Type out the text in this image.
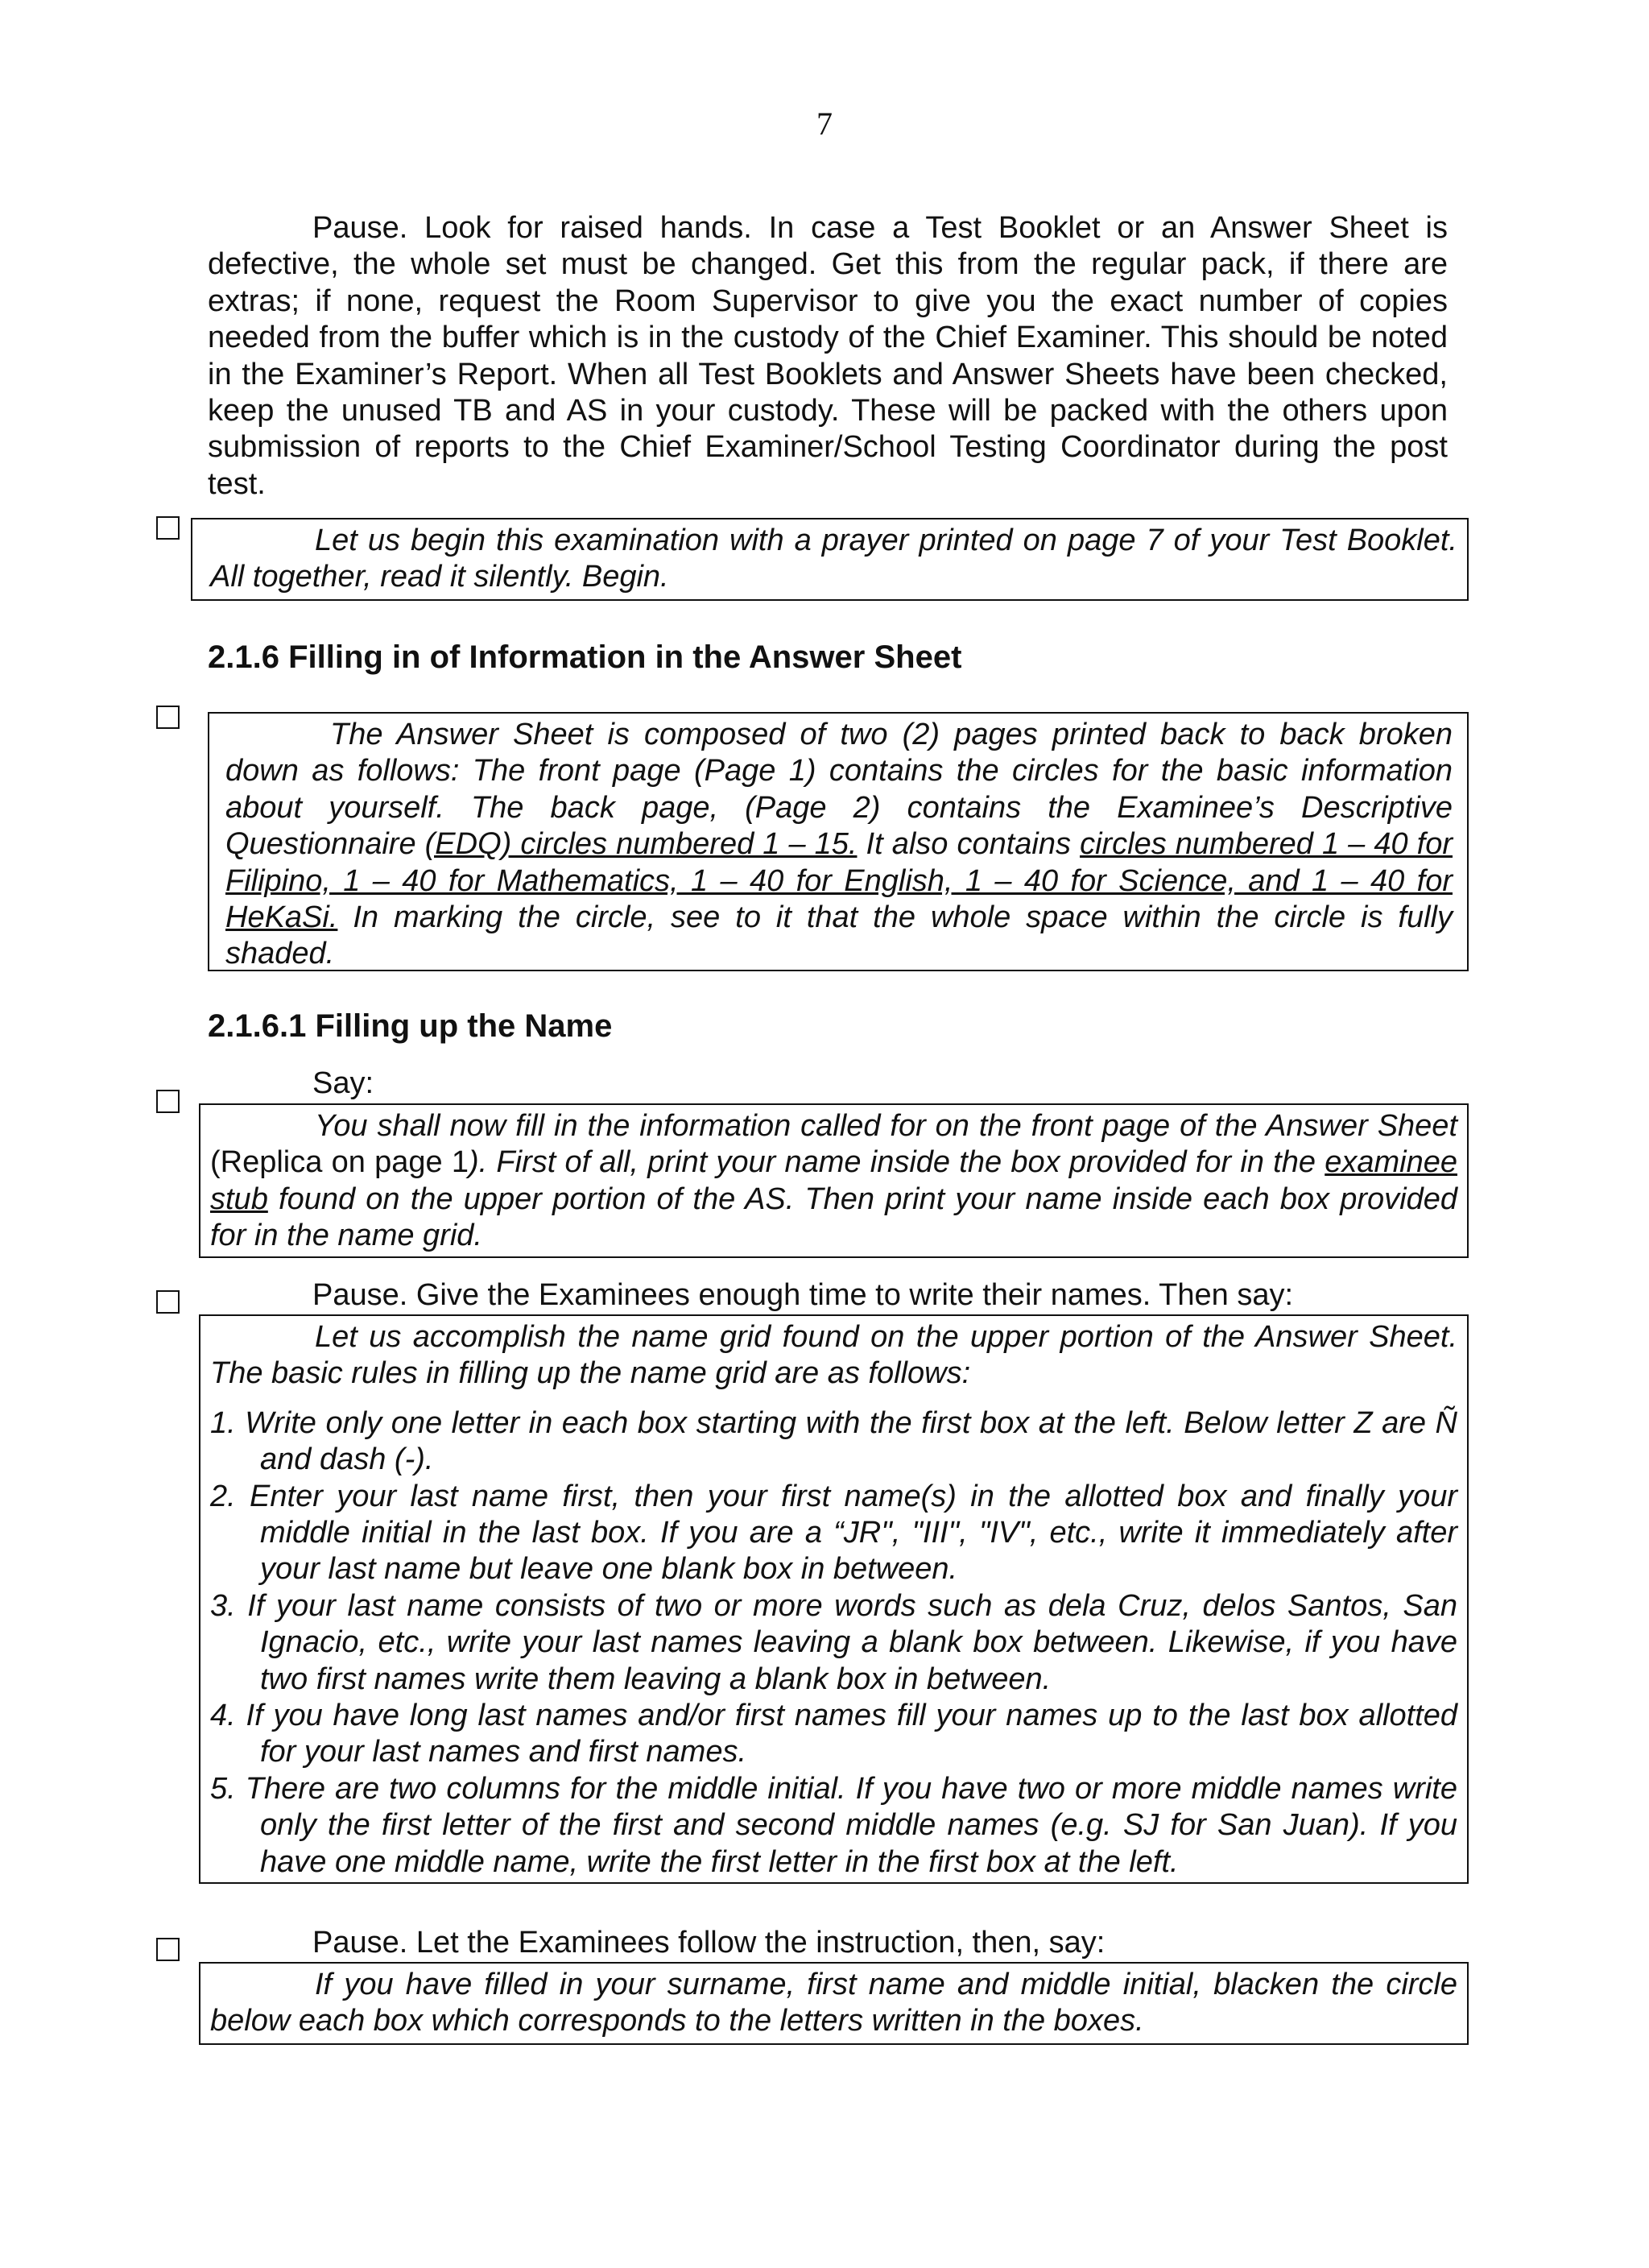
7
Pause. Look for raised hands. In case a Test Booklet or an Answer Sheet is defective, the whole set must be changed. Get this from the regular pack, if there are extras; if none, request the Room Supervisor to give you the exact number of copies needed from the buffer which is in the custody of the Chief Examiner. This should be noted in the Examiner’s Report. When all Test Booklets and Answer Sheets have been checked, keep the unused TB and AS in your custody. These will be packed with the others upon submission of reports to the Chief Examiner/School Testing Coordinator during the post test.
Let us begin this examination with a prayer printed on page 7 of your Test Booklet. All together, read it silently. Begin.
2.1.6 Filling in of Information in the Answer Sheet
The Answer Sheet is composed of two (2) pages printed back to back broken down as follows: The front page (Page 1) contains the circles for the basic information about yourself. The back page, (Page 2) contains the Examinee’s Descriptive Questionnaire (EDQ) circles numbered 1 – 15. It also contains circles numbered 1 – 40 for Filipino, 1 – 40 for Mathematics, 1 – 40 for English, 1 – 40 for Science, and 1 – 40 for HeKaSi. In marking the circle, see to it that the whole space within the circle is fully shaded.
2.1.6.1 Filling up the Name
Say:
You shall now fill in the information called for on the front page of the Answer Sheet (Replica on page 1). First of all, print your name inside the box provided for in the examinee stub found on the upper portion of the AS. Then print your name inside each box provided for in the name grid.
Pause. Give the Examinees enough time to write their names. Then say:
Let us accomplish the name grid found on the upper portion of the Answer Sheet. The basic rules in filling up the name grid are as follows:
1. Write only one letter in each box starting with the first box at the left. Below letter Z are Ñ and dash (-).
2. Enter your last name first, then your first name(s) in the allotted box and finally your middle initial in the last box. If you are a “JR", "III", "IV", etc., write it immediately after your last name but leave one blank box in between.
3. If your last name consists of two or more words such as dela Cruz, delos Santos, San Ignacio, etc., write your last names leaving a blank box between. Likewise, if you have two first names write them leaving a blank box in between.
4. If you have long last names and/or first names fill your names up to the last box allotted for your last names and first names.
5. There are two columns for the middle initial. If you have two or more middle names write only the first letter of the first and second middle names (e.g. SJ for San Juan). If you have one middle name, write the first letter in the first box at the left.
Pause. Let the Examinees follow the instruction, then, say:
If you have filled in your surname, first name and middle initial, blacken the circle below each box which corresponds to the letters written in the boxes.
